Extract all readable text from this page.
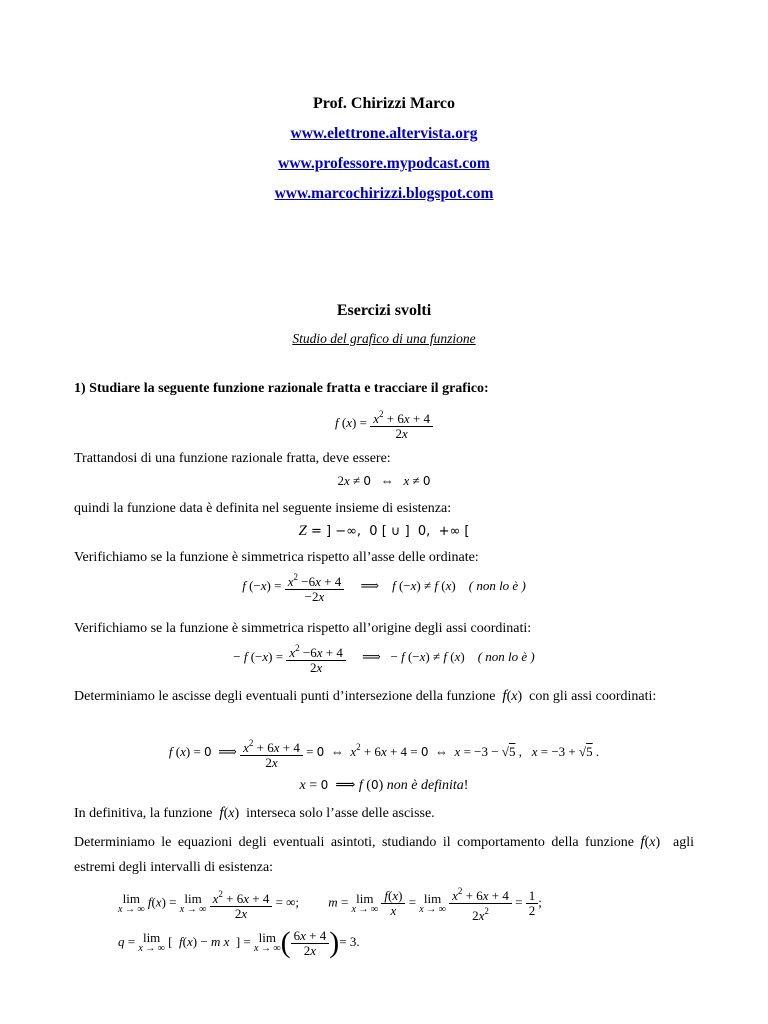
Prof. Chirizzi Marco
www.elettrone.altervista.org
www.professore.mypodcast.com
www.marcochirizzi.blogspot.com
Esercizi svolti
Studio del grafico di una funzione
1) Studiare la seguente funzione razionale fratta e tracciare il grafico:
f $(x) = \frac{x^2 + 6x + 4}{2x}$
Trattandosi di una funzione razionale fratta, deve essere:
2x ≠ 0   ⇔   x ≠ 0
quindi la funzione data è definita nel seguente insieme di esistenza:
Z = ] −∞,  0 [ ∪ ]  0,  +∞ [
Verifichiamo se la funzione è simmetrica rispetto all’asse delle ordinate:
f $(-x) = \frac{x^2 -6x + 4}{-2x}$ ⟹    f (−x) ≠ f (x)    ( non lo è )
Verifichiamo se la funzione è simmetrica rispetto all’origine degli assi coordinati:
− f $(-x) = \frac{x^2 -6x + 4}{2x}$ ⟹   − f (−x) ≠ f (x)    ( non lo è )
Determiniamo le ascisse degli eventuali punti d’intersezione della funzione f(x)  con gli assi coordinati:
f (x) = 0  ⟹ $\frac{x^2 + 6x + 4}{2x} = 0$  ⇔  $x^2 + 6x + 4 = 0$  ⇔  x = −3 − √5 ,   x = −3 + √5 .
x = 0  ⟹ f (0) non è definita!
In definitiva, la funzione f(x)  interseca solo l’asse delle ascisse.
Determiniamo le equazioni degli eventuali asintoti, studiando il comportamento della funzione f(x)  agli estremi degli intervalli di esistenza:
lim
x → ∞ f(x) = lim
x → ∞
$\frac{x^2 + 6x + 4}{2x}$ = ∞;         m = lim
x → ∞
$\frac{f(x)}{x} = \lim$
x → ∞
$\frac{x^2 + 6x + 4}{2x^2} = \frac{1}{2}$ ;
q = lim
x → ∞ [  f(x) − m x  ] = lim
x → ∞ ( $\frac{6x + 4}{2x}$ )= 3.
